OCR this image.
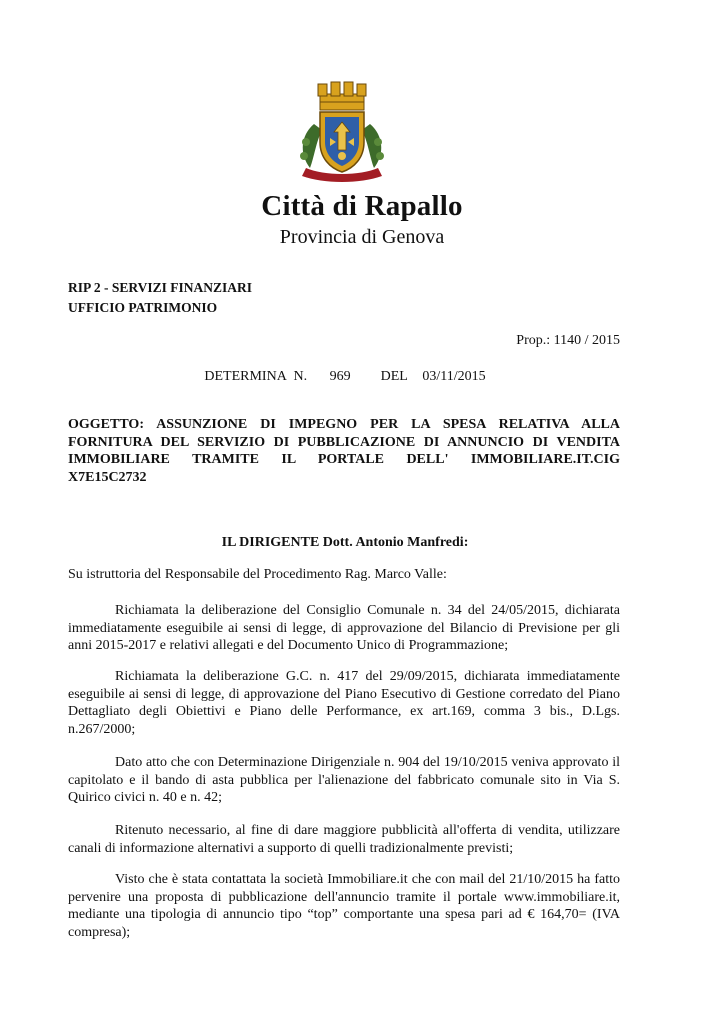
Città di Rapallo
Provincia di Genova
RIP 2 - SERVIZI FINANZIARI
UFFICIO PATRIMONIO
Prop.: 1140 / 2015
DETERMINA N.   969    DEL  03/11/2015
OGGETTO: ASSUNZIONE DI IMPEGNO PER LA SPESA RELATIVA ALLA FORNITURA DEL SERVIZIO DI PUBBLICAZIONE DI ANNUNCIO DI VENDITA IMMOBILIARE TRAMITE IL PORTALE DELL' IMMOBILIARE.IT.CIG
X7E15C2732
IL DIRIGENTE Dott. Antonio Manfredi:
Su istruttoria del Responsabile del Procedimento Rag. Marco Valle:
Richiamata la deliberazione del Consiglio Comunale n. 34 del 24/05/2015, dichiarata immediatamente eseguibile ai sensi di legge, di approvazione del Bilancio di Previsione per gli anni 2015-2017 e relativi allegati e del Documento Unico di Programmazione;
Richiamata la deliberazione G.C. n. 417 del 29/09/2015, dichiarata immediatamente eseguibile ai sensi di legge, di approvazione del Piano Esecutivo di Gestione corredato del Piano Dettagliato degli Obiettivi e Piano delle Performance, ex art.169, comma 3 bis., D.Lgs. n.267/2000;
Dato atto che con Determinazione Dirigenziale n. 904 del 19/10/2015 veniva approvato il capitolato e il bando di asta pubblica per l'alienazione del fabbricato comunale sito in Via S. Quirico civici n. 40 e n. 42;
Ritenuto necessario, al fine di dare maggiore pubblicità all'offerta di vendita, utilizzare canali di informazione alternativi a supporto di quelli tradizionalmente previsti;
Visto che è stata contattata la società Immobiliare.it che con mail del 21/10/2015 ha fatto pervenire una proposta di pubblicazione dell'annuncio tramite il portale www.immobiliare.it, mediante una tipologia di annuncio tipo “top” comportante una spesa pari ad € 164,70= (IVA compresa);
